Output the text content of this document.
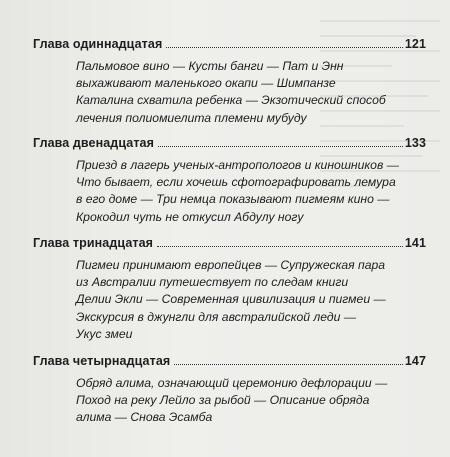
Глава одиннадцатая	121
Пальмовое вино — Кусты банги — Пат и Энн
выхаживают маленького окапи — Шимпанзе
Каталина схватила ребенка — Экзотический способ
лечения полиомиелита племени мубуду
Глава двенадцатая	133
Приезд в лагерь ученых-антропологов и киношников —
Что бывает, если хочешь сфотографировать лемура
в его доме — Три немца показывают пигмеям кино —
Крокодил чуть не откусил Абдулу ногу
Глава тринадцатая	141
Пигмеи принимают европейцев — Супружеская пара
из Австралии путешествует по следам книги
Делии Экли — Современная цивилизация и пигмеи —
Экскурсия в джунгли для австралийской леди —
Укус змеи
Глава четырнадцатая	147
Обряд алима, означающий церемонию дефлорации —
Поход на реку Лейло за рыбой — Описание обряда
алима — Снова Эсамба
